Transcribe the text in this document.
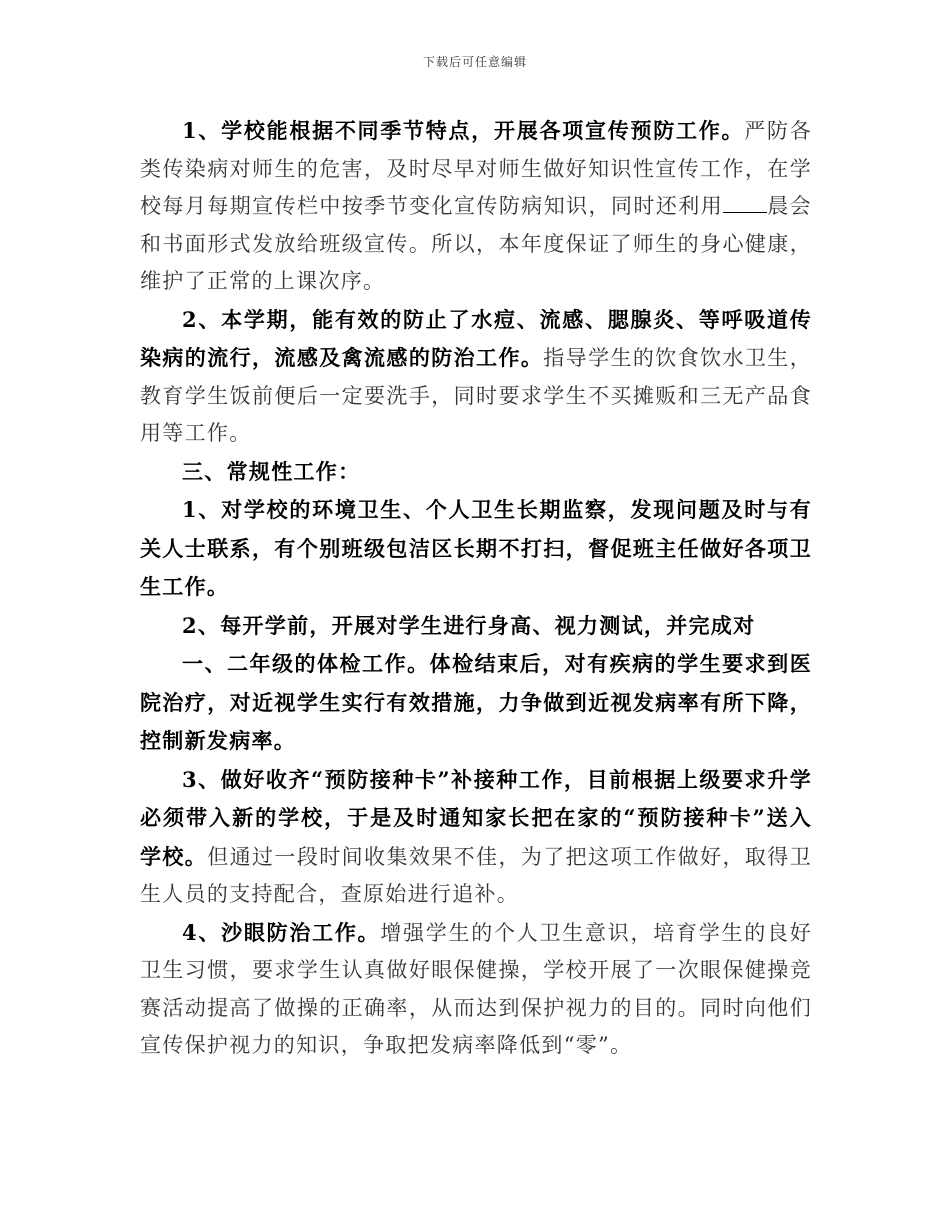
下载后可任意编辑

1、学校能根据不同季节特点，开展各项宣传预防工作。严防各类传染病对师生的危害，及时尽早对师生做好知识性宣传工作，在学校每月每期宣传栏中按季节变化宣传防病知识，同时还利用 晨会和书面形式发放给班级宣传。所以，本年度保证了师生的身心健康，维护了正常的上课次序。

2、本学期，能有效的防止了水痘、流感、腮腺炎、等呼吸道传染病的流行，流感及禽流感的防治工作。指导学生的饮食饮水卫生，教育学生饭前便后一定要洗手，同时要求学生不买摊贩和三无产品食用等工作。

三、常规性工作：

1、对学校的环境卫生、个人卫生长期监察，发现问题及时与有关人士联系，有个别班级包洁区长期不打扫，督促班主任做好各项卫生工作。

2、每开学前，开展对学生进行身高、视力测试，并完成对

一、二年级的体检工作。体检结束后，对有疾病的学生要求到医院治疗，对近视学生实行有效措施，力争做到近视发病率有所下降，控制新发病率。

3、做好收齐“预防接种卡”补接种工作，目前根据上级要求升学必须带入新的学校，于是及时通知家长把在家的“预防接种卡”送入学校。但通过一段时间收集效果不佳，为了把这项工作做好，取得卫生人员的支持配合，查原始进行追补。

4、沙眼防治工作。增强学生的个人卫生意识，培育学生的良好卫生习惯，要求学生认真做好眼保健操，学校开展了一次眼保健操竞赛活动提高了做操的正确率，从而达到保护视力的目的。同时向他们宣传保护视力的知识，争取把发病率降低到“零”。
